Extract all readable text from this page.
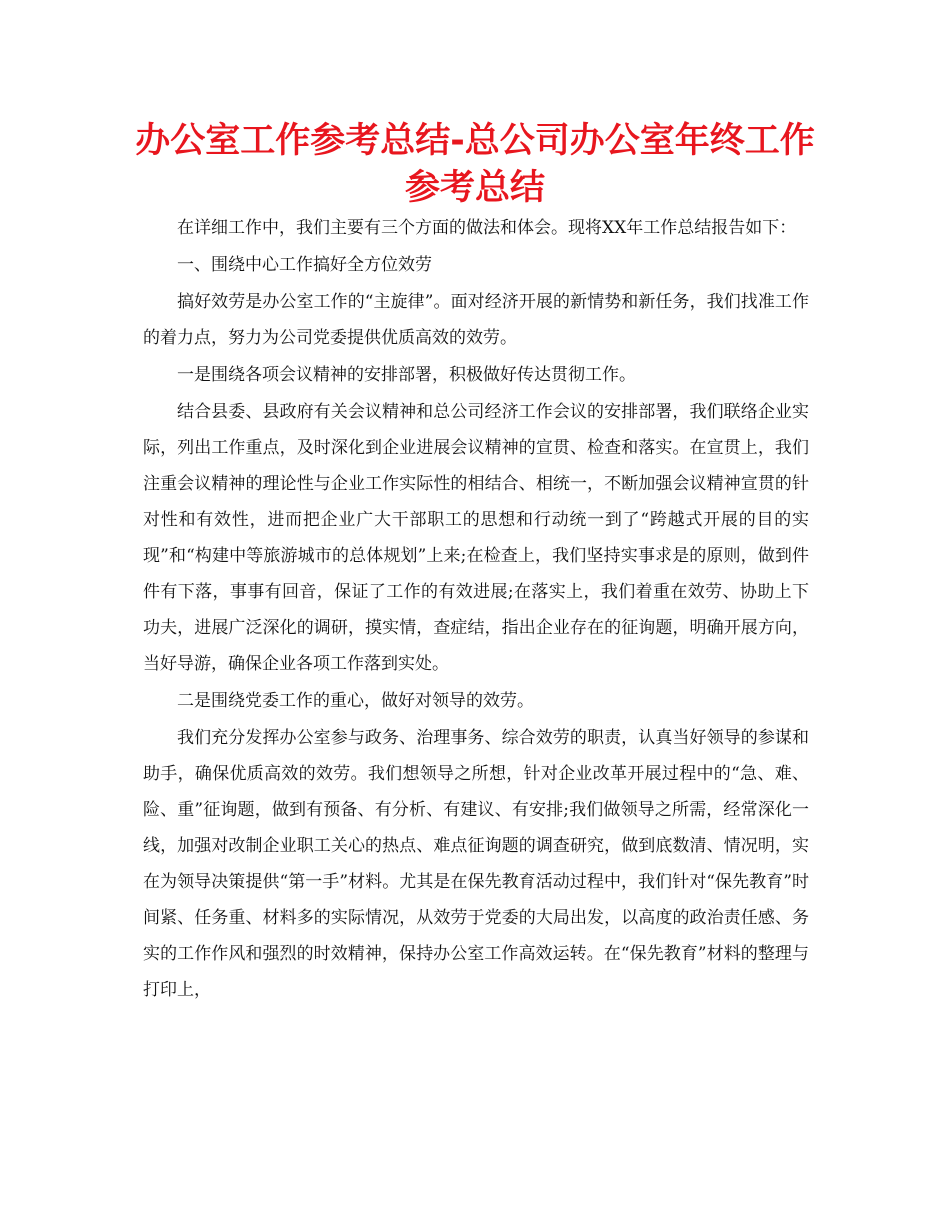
办公室工作参考总结-总公司办公室年终工作参考总结

在详细工作中，我们主要有三个方面的做法和体会。现将XX年工作总结报告如下：

一、围绕中心工作搞好全方位效劳

搞好效劳是办公室工作的“主旋律”。面对经济开展的新情势和新任务，我们找准工作的着力点，努力为公司党委提供优质高效的效劳。

一是围绕各项会议精神的安排部署，积极做好传达贯彻工作。

结合县委、县政府有关会议精神和总公司经济工作会议的安排部署，我们联络企业实际，列出工作重点，及时深化到企业进展会议精神的宣贯、检查和落实。在宣贯上，我们注重会议精神的理论性与企业工作实际性的相结合、相统一，不断加强会议精神宣贯的针对性和有效性，进而把企业广大干部职工的思想和行动统一到了“跨越式开展的目的实现”和“构建中等旅游城市的总体规划”上来;在检查上，我们坚持实事求是的原则，做到件件有下落，事事有回音，保证了工作的有效进展;在落实上，我们着重在效劳、协助上下功夫，进展广泛深化的调研，摸实情，查症结，指出企业存在的征询题，明确开展方向，当好导游，确保企业各项工作落到实处。

二是围绕党委工作的重心，做好对领导的效劳。

我们充分发挥办公室参与政务、治理事务、综合效劳的职责，认真当好领导的参谋和助手，确保优质高效的效劳。我们想领导之所想，针对企业改革开展过程中的“急、难、险、重”征询题，做到有预备、有分析、有建议、有安排;我们做领导之所需，经常深化一线，加强对改制企业职工关心的热点、难点征询题的调查研究，做到底数清、情况明，实在为领导决策提供“第一手”材料。尤其是在保先教育活动过程中，我们针对“保先教育”时间紧、任务重、材料多的实际情况，从效劳于党委的大局出发，以高度的政治责任感、务实的工作作风和强烈的时效精神，保持办公室工作高效运转。在“保先教育”材料的整理与打印上，
